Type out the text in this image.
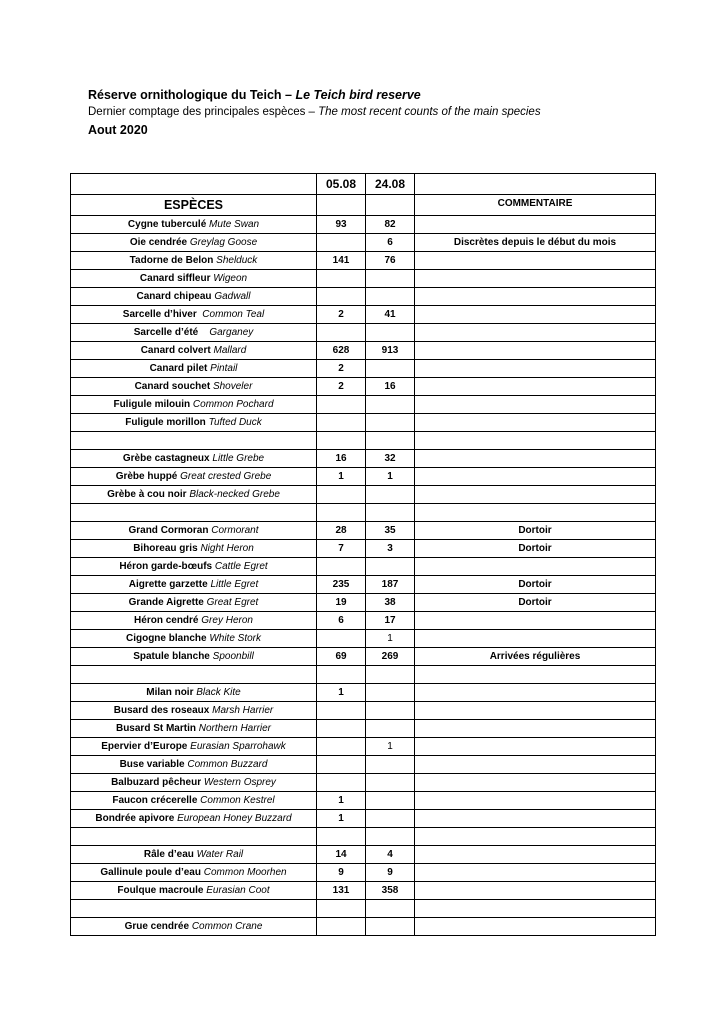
Réserve ornithologique du Teich – Le Teich bird reserve
Dernier comptage des principales espèces – The most recent counts of the main species
Aout 2020
	05.08	24.08	
ESPÈCES			COMMENTAIRE
Cygne tuberculé Mute Swan	93	82	
Oie cendrée Greylag Goose		6	Discrètes depuis le début du mois
Tadorne de Belon Shelduck	141	76	
Canard siffleur Wigeon			
Canard chipeau Gadwall			
Sarcelle d’hiver  Common Teal	2	41	
Sarcelle d’été    Garganey			
Canard colvert Mallard	628	913	
Canard pilet Pintail	2		
Canard souchet Shoveler	2	16	
Fuligule milouin Common Pochard			
Fuligule morillon Tufted Duck			

Grèbe castagneux Little Grebe	16	32	
Grèbe huppé Great crested Grebe	1	1	
Grèbe à cou noir Black-necked Grebe			

Grand Cormoran Cormorant	28	35	Dortoir
Bihoreau gris Night Heron	7	3	Dortoir
Héron garde-bœufs Cattle Egret			
Aigrette garzette Little Egret	235	187	Dortoir
Grande Aigrette Great Egret	19	38	Dortoir
Héron cendré Grey Heron	6	17	
Cigogne blanche White Stork		1	
Spatule blanche Spoonbill	69	269	Arrivées régulières

Milan noir Black Kite	1		
Busard des roseaux Marsh Harrier			
Busard St Martin Northern Harrier			
Epervier d’Europe Eurasian Sparrohawk		1	
Buse variable Common Buzzard			
Balbuzard pêcheur Western Osprey			
Faucon crécerelle Common Kestrel	1		
Bondrée apivore European Honey Buzzard	1		

Râle d’eau Water Rail	14	4	
Gallinule poule d’eau Common Moorhen	9	9	
Foulque macroule Eurasian Coot	131	358	

Grue cendrée Common Crane			
